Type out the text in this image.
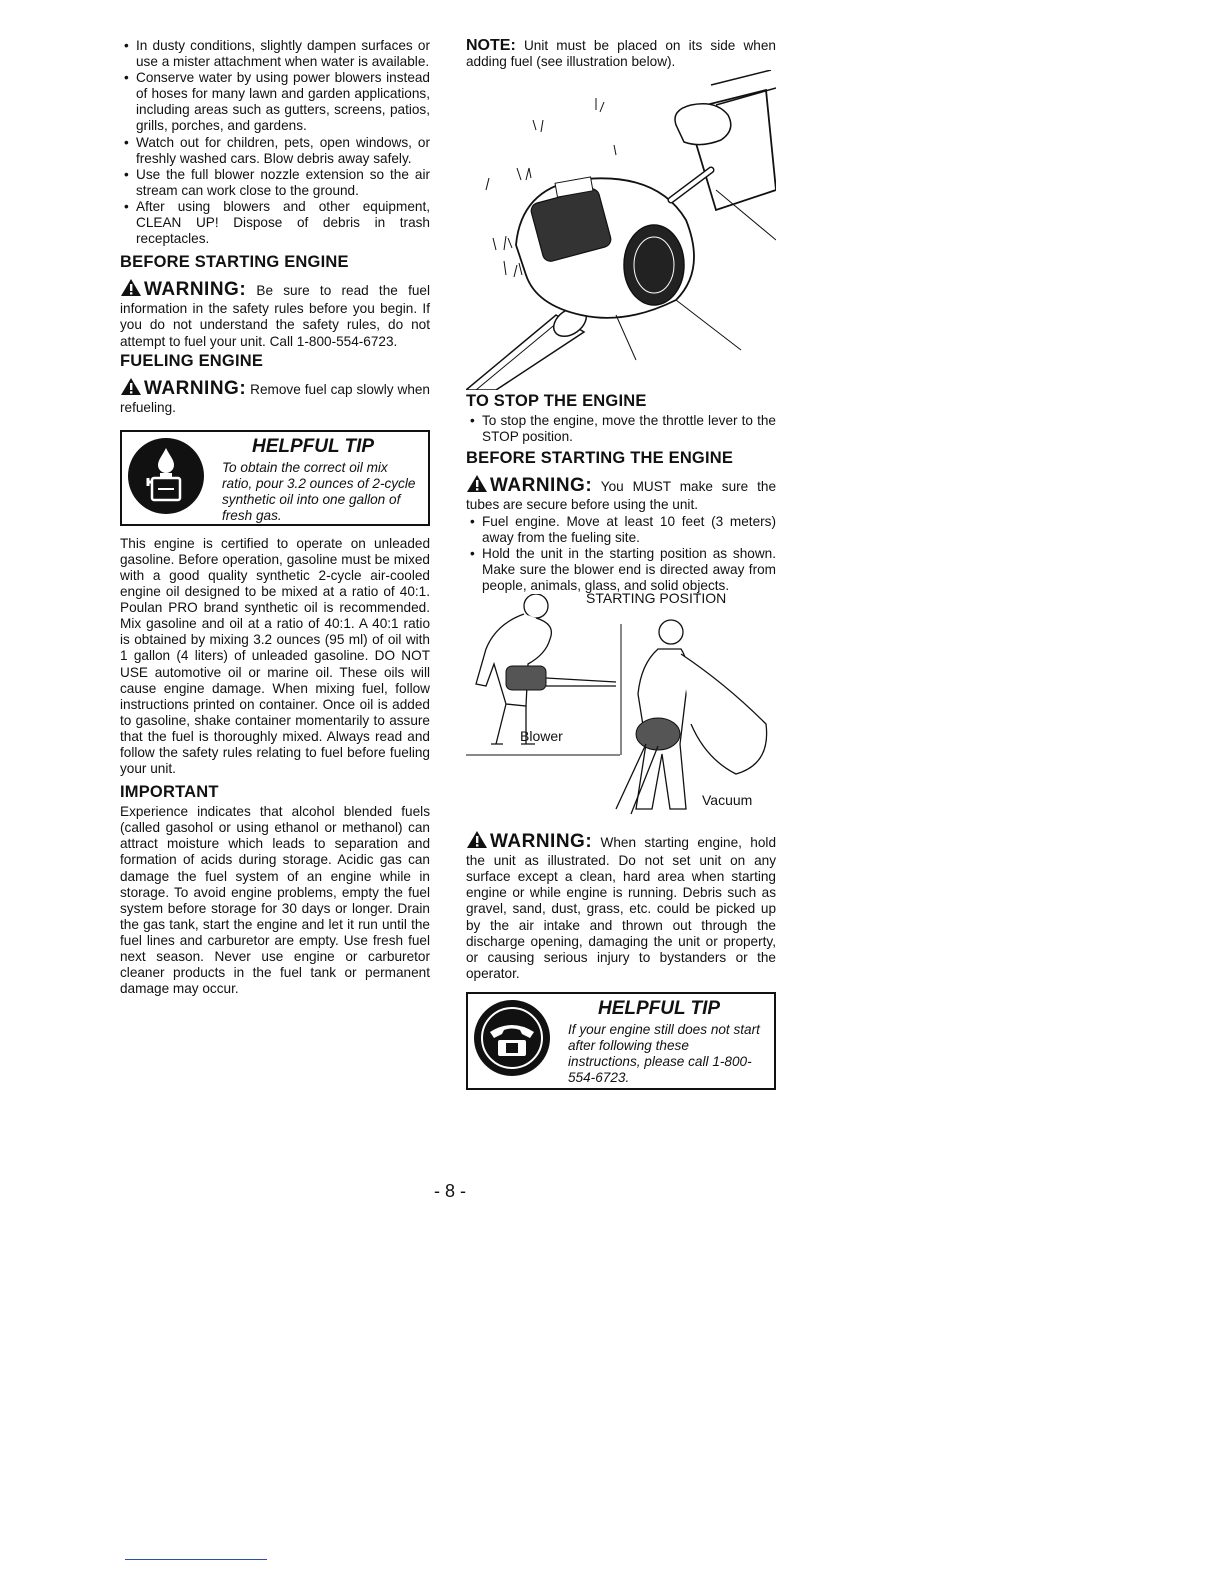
• In dusty conditions, slightly dampen surfaces or use a mister attachment when water is available.
• Conserve water by using power blowers instead of hoses for many lawn and garden applications, including areas such as gutters, screens, patios, grills, porches, and gardens.
• Watch out for children, pets, open windows, or freshly washed cars. Blow debris away safely.
• Use the full blower nozzle extension so the air stream can work close to the ground.
• After using blowers and other equipment, CLEAN UP! Dispose of debris in trash receptacles.
BEFORE STARTING ENGINE

WARNING: Be sure to read the fuel information in the safety rules before you begin. If you do not understand the safety rules, do not attempt to fuel your unit. Call 1-800-554-6723.

FUELING ENGINE

WARNING: Remove fuel cap slowly when refueling.

HELPFUL TIP
To obtain the correct oil mix ratio, pour 3.2 ounces of 2-cycle synthetic oil into one gallon of fresh gas.

This engine is certified to operate on unleaded gasoline. Before operation, gasoline must be mixed with a good quality synthetic 2-cycle air-cooled engine oil designed to be mixed at a ratio of 40:1. Poulan PRO brand synthetic oil is recommended. Mix gasoline and oil at a ratio of 40:1. A 40:1 ratio is obtained by mixing 3.2 ounces (95 ml) of oil with 1 gallon (4 liters) of unleaded gasoline. DO NOT USE automotive oil or marine oil. These oils will cause engine damage. When mixing fuel, follow instructions printed on container. Once oil is added to gasoline, shake container momentarily to assure that the fuel is thoroughly mixed. Always read and follow the safety rules relating to fuel before fueling your unit.

IMPORTANT

Experience indicates that alcohol blended fuels (called gasohol or using ethanol or methanol) can attract moisture which leads to separation and formation of acids during storage. Acidic gas can damage the fuel system of an engine while in storage. To avoid engine problems, empty the fuel system before storage for 30 days or longer. Drain the gas tank, start the engine and let it run until the fuel lines and carburetor are empty. Use fresh fuel next season. Never use engine or carburetor cleaner products in the fuel tank or permanent damage may occur.

NOTE: Unit must be placed on its side when adding fuel (see illustration below).

TO STOP THE ENGINE
• To stop the engine, move the throttle lever to the STOP position.
BEFORE STARTING THE ENGINE

WARNING: You MUST make sure the tubes are secure before using the unit.

• Fuel engine. Move at least 10 feet (3 meters) away from the fueling site.
• Hold the unit in the starting position as shown. Make sure the blower end is directed away from people, animals, glass, and solid objects.
STARTING POSITION
Blower
Vacuum

WARNING: When starting engine, hold the unit as illustrated. Do not set unit on any surface except a clean, hard area when starting engine or while engine is running. Debris such as gravel, sand, dust, grass, etc. could be picked up by the air intake and thrown out through the discharge opening, damaging the unit or property, or causing serious injury to bystanders or the operator.

HELPFUL TIP
If your engine still does not start after following these instructions, please call 1-800-554-6723.
- 8 -
